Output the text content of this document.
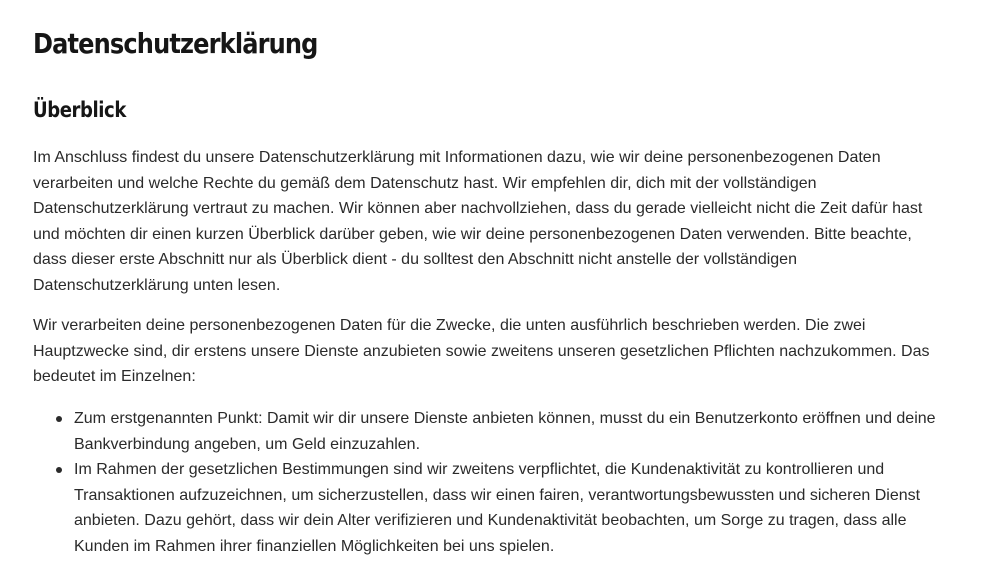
Datenschutzerklärung
Überblick

Im Anschluss findest du unsere Datenschutzerklärung mit Informationen dazu, wie wir deine personenbezogenen Daten
verarbeiten und welche Rechte du gemäß dem Datenschutz hast. Wir empfehlen dir, dich mit der vollständigen
Datenschutzerklärung vertraut zu machen. Wir können aber nachvollziehen, dass du gerade vielleicht nicht die Zeit dafür hast
und möchten dir einen kurzen Überblick darüber geben, wie wir deine personenbezogenen Daten verwenden. Bitte beachte,
dass dieser erste Abschnitt nur als Überblick dient - du solltest den Abschnitt nicht anstelle der vollständigen
Datenschutzerklärung unten lesen.

Wir verarbeiten deine personenbezogenen Daten für die Zwecke, die unten ausführlich beschrieben werden. Die zwei
Hauptzwecke sind, dir erstens unsere Dienste anzubieten sowie zweitens unseren gesetzlichen Pflichten nachzukommen. Das
bedeutet im Einzelnen:

Zum erstgenannten Punkt: Damit wir dir unsere Dienste anbieten können, musst du ein Benutzerkonto eröffnen und deine
Bankverbindung angeben, um Geld einzuzahlen.
Im Rahmen der gesetzlichen Bestimmungen sind wir zweitens verpflichtet, die Kundenaktivität zu kontrollieren und
Transaktionen aufzuzeichnen, um sicherzustellen, dass wir einen fairen, verantwortungsbewussten und sicheren Dienst
anbieten. Dazu gehört, dass wir dein Alter verifizieren und Kundenaktivität beobachten, um Sorge zu tragen, dass alle
Kunden im Rahmen ihrer finanziellen Möglichkeiten bei uns spielen.
